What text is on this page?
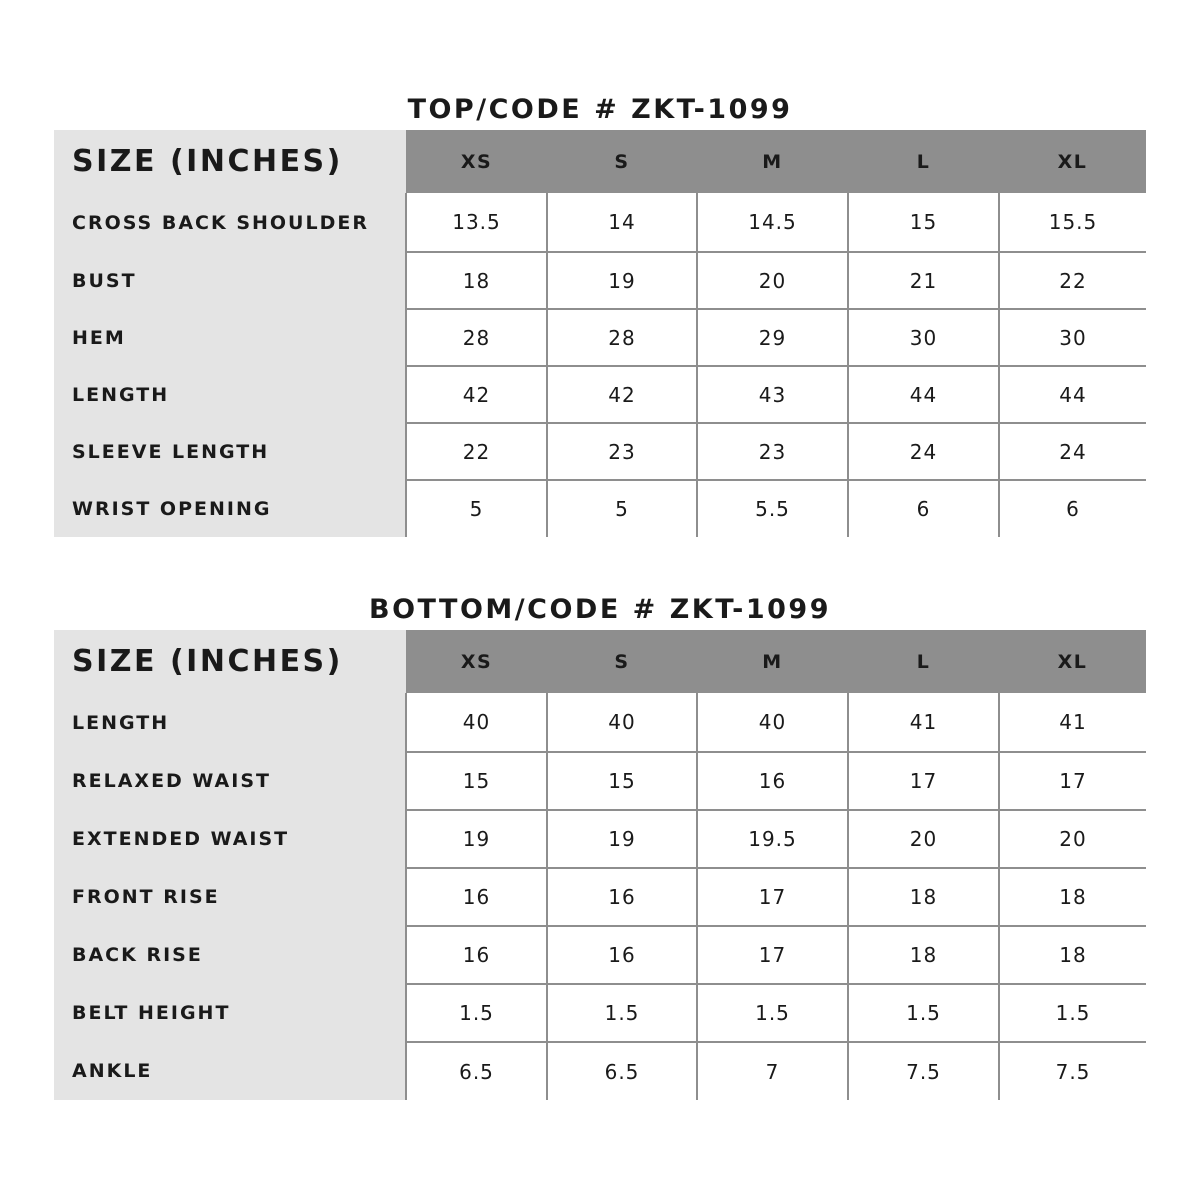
TOP/CODE # ZKT-1099
SIZE (INCHES)	XS	S	M	L	XL
CROSS BACK SHOULDER	13.5	14	14.5	15	15.5
BUST	18	19	20	21	22
HEM	28	28	29	30	30
LENGTH	42	42	43	44	44
SLEEVE LENGTH	22	23	23	24	24
WRIST OPENING	5	5	5.5	6	6
BOTTOM/CODE # ZKT-1099
SIZE (INCHES)	XS	S	M	L	XL
LENGTH	40	40	40	41	41
RELAXED WAIST	15	15	16	17	17
EXTENDED WAIST	19	19	19.5	20	20
FRONT RISE	16	16	17	18	18
BACK RISE	16	16	17	18	18
BELT HEIGHT	1.5	1.5	1.5	1.5	1.5
ANKLE	6.5	6.5	7	7.5	7.5
